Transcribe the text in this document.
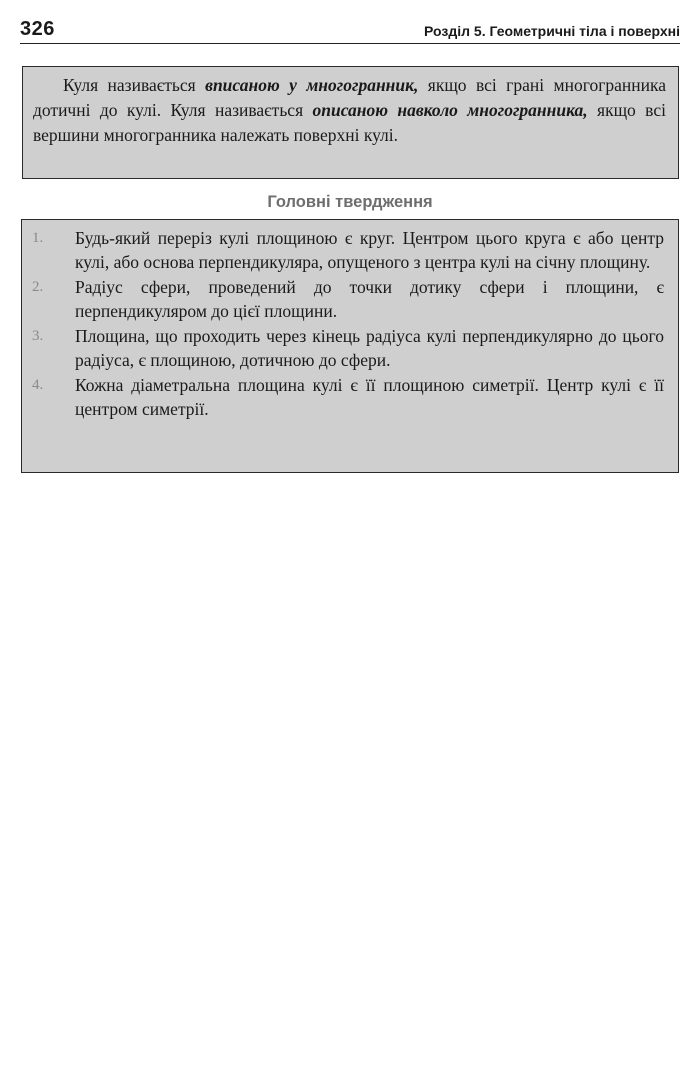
326	Розділ 5. Геометричні тіла і поверхні

Куля називається вписаною у многогранник, якщо всі грані многогранника дотичні до кулі. Куля називається описаною навколо многогранника, якщо всі вершини многогранника належать поверхні кулі.

Головні твердження

1. Будь-який переріз кулі площиною є круг. Центром цього круга є або центр кулі, або основа перпендикуляра, опущеного з центра кулі на січну площину.

2. Радіус сфери, проведений до точки дотику сфери і площини, є перпендикуляром до цієї площини.

3. Площина, що проходить через кінець радіуса кулі перпендикулярно до цього радіуса, є площиною, дотичною до сфери.

4. Кожна діаметральна площина кулі є її площиною симетрії. Центр кулі є її центром симетрії.
